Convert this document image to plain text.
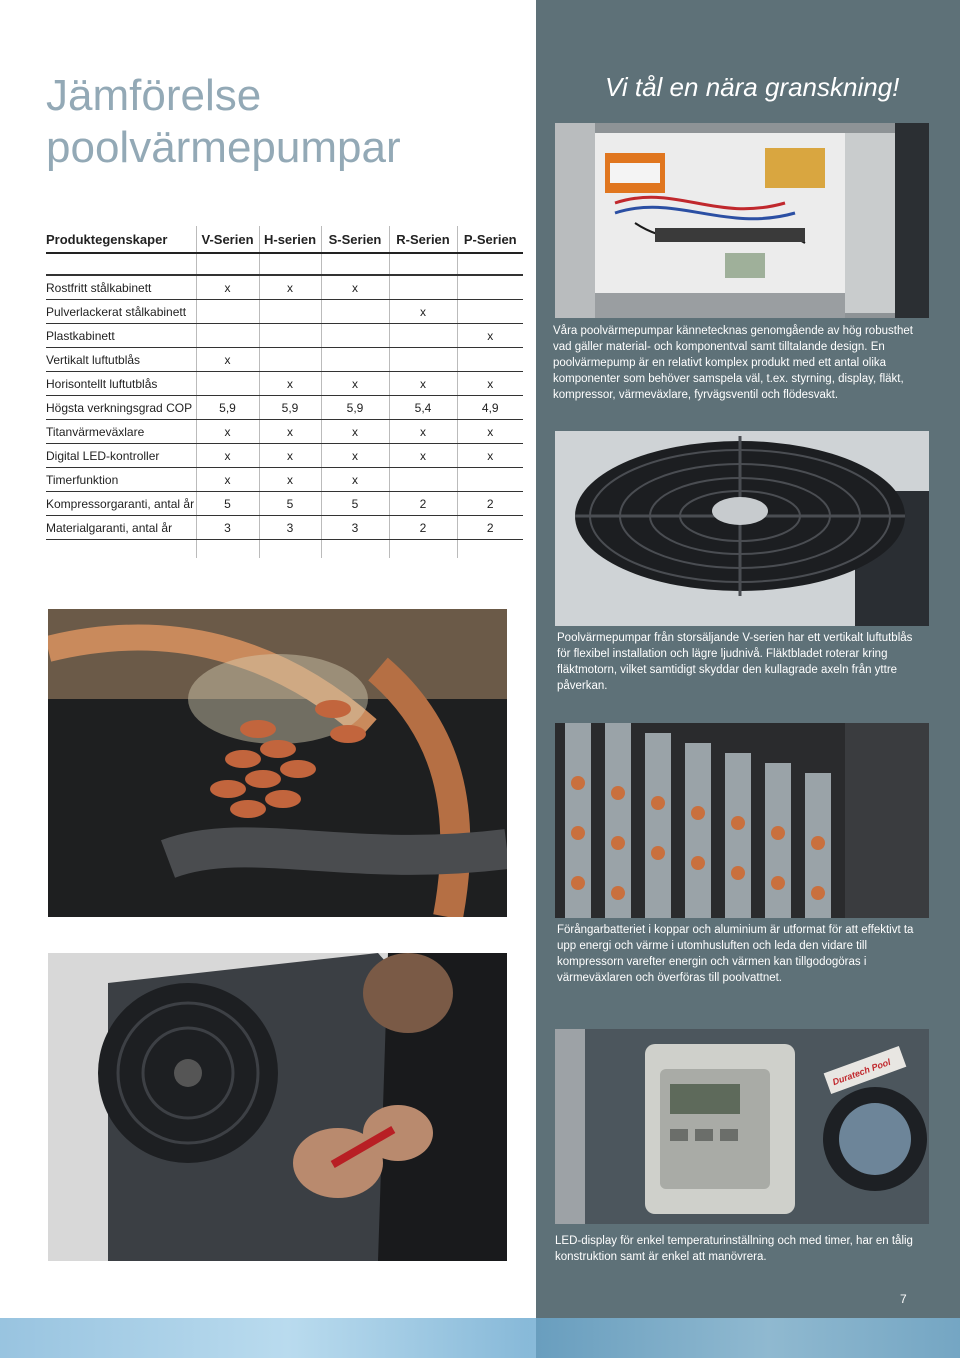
Jämförelse
poolvärmepumpar
Vi tål en nära granskning!
Produktegenskaper	V-Serien	H-serien	S-Serien	R-Serien	P-Serien

Rostfritt stålkabinett	x	x	x		
Pulverlackerat stålkabinett				x	
Plastkabinett					x
Vertikalt luftutblås	x				
Horisontellt luftutblås		x	x	x	x
Högsta verkningsgrad COP	5,9	5,9	5,9	5,4	4,9
Titanvärmeväxlare	x	x	x	x	x
Digital LED-kontroller	x	x	x	x	x
Timerfunktion	x	x	x		
Kompressorgaranti, antal år	5	5	5	2	2
Materialgaranti, antal år	3	3	3	2	2

Våra poolvärmepumpar kännetecknas genomgående av hög robusthet vad gäller material- och komponentval samt tilltalande design. En poolvärmepump är en relativt komplex produkt med ett antal olika komponenter som behöver samspela väl, t.ex. styrning, display, fläkt, kompressor, värmeväxlare, fyrvägsventil och flödesvakt.
Poolvärmepumpar från storsäljande V-serien har ett vertikalt luftutblås för flexibel installation och lägre ljudnivå. Fläktbladet roterar kring fläktmotorn, vilket samtidigt skyddar den kullagrade axeln från yttre påverkan.
Förångarbatteriet i koppar och aluminium är utformat för att effektivt ta upp energi och värme i utomhusluften och leda den vidare till kompressorn varefter energin och värmen kan tillgodogöras i värmeväxlaren och överföras till poolvattnet.
Duratech Pool
LED-display för enkel temperaturinställning och med timer, har en tålig konstruktion samt är enkel att manövrera.
7
